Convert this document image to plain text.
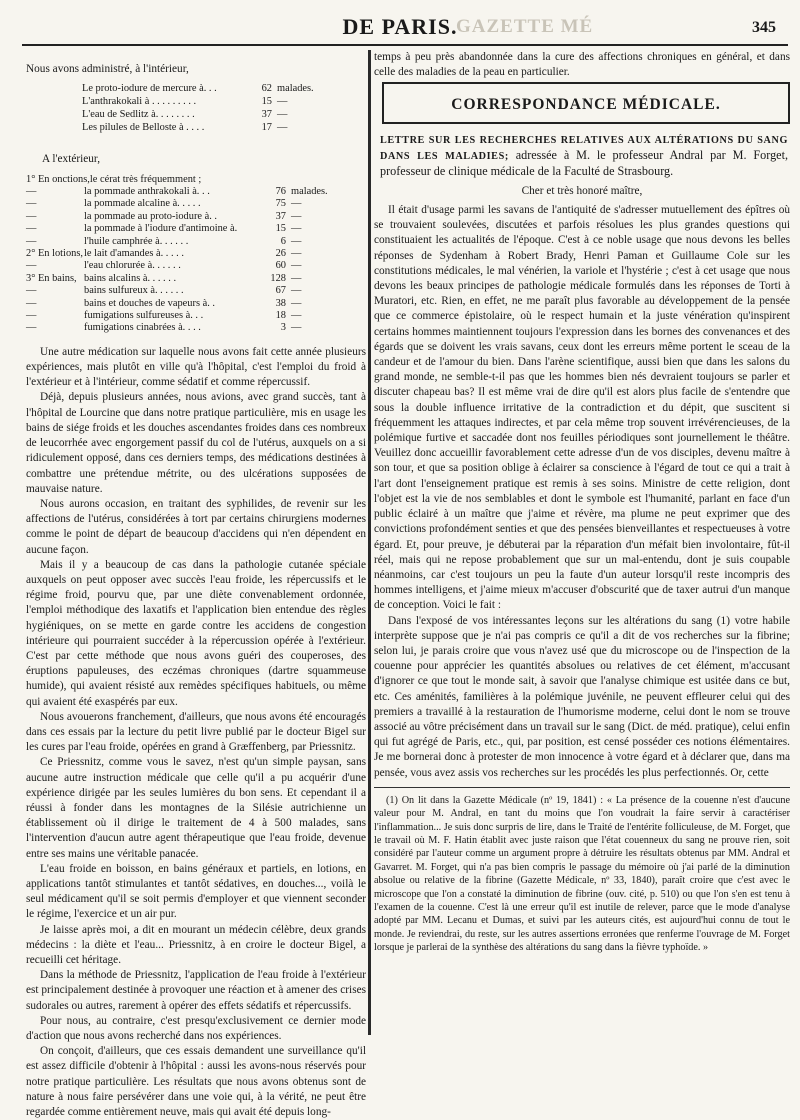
GAZETTE MÉ
DE PARIS.	345

Nous avons administré, à l'intérieur,

Le proto-iodure de mercure à. . .	62 malades.
L'anthrakokali à . . . . . . . . .	15 —
L'eau de Sedlitz à. . . . . . . .	37 —
Les pilules de Belloste à . . . .	17 —
A l'extérieur,
1° En onctions, le cérat très fréquemment ;
—	la pommade anthrakokali à. . .	76 malades.
—	la pommade alcaline à. . . . .	75 —
—	la pommade au proto-iodure à. .	37 —
—	la pommade à l'iodure d'antimoine à.	15 —
—	l'huile camphrée à. . . . . .	6 —
2° En lotions, le lait d'amandes à. . . . .	26 —
—	l'eau chlorurée à. . . . . .	60 —
3° En bains, bains alcalins à. . . . . .	128 —
—	bains sulfureux à. . . . . .	67 —
—	bains et douches de vapeurs à. .	38 —
—	fumigations sulfureuses à. . .	18 —
—	fumigations cinabrées à. . . .	3 —

Une autre médication sur laquelle nous avons fait cette année plusieurs expériences, mais plutôt en ville qu'à l'hôpital, c'est l'emploi du froid à l'extérieur et à l'intérieur, comme sédatif et comme répercussif.

Déjà, depuis plusieurs années, nous avions, avec grand succès, tant à l'hôpital de Lourcine que dans notre pratique particulière, mis en usage les bains de siége froids et les douches ascendantes froides dans ces nombreux de leucorrhée avec engorgement passif du col de l'utérus, auxquels on a si ridiculement opposé, dans ces derniers temps, des médications destinées à combattre une prétendue métrite, ou des ulcérations supposées de mauvaise nature.

Nous aurons occasion, en traitant des syphilides, de revenir sur les affections de l'utérus, considérées à tort par certains chirurgiens modernes comme le point de départ de beaucoup d'accidens qui n'en dépendent en aucune façon.

Mais il y a beaucoup de cas dans la pathologie cutanée spéciale auxquels on peut opposer avec succès l'eau froide, les répercussifs et le régime froid, pourvu que, par une diète convenablement ordonnée, l'emploi méthodique des laxatifs et l'application bien entendue des règles hygiéniques, on se mette en garde contre les accidens de congestion intérieure qui pourraient succéder à la répercussion opérée à l'extérieur. C'est par cette méthode que nous avons guéri des couperoses, des éruptions papuleuses, des eczémas chroniques (dartre squammeuse humide), qui avaient résisté aux remèdes spécifiques habituels, ou même qui avaient été exaspérés par eux.

Nous avouerons franchement, d'ailleurs, que nous avons été encouragés dans ces essais par la lecture du petit livre publié par le docteur Bigel sur les cures par l'eau froide, opérées en grand à Græffenberg, par Priessnitz.

Ce Priessnitz, comme vous le savez, n'est qu'un simple paysan, sans aucune autre instruction médicale que celle qu'il a pu acquérir d'une expérience dirigée par les seules lumières du bon sens. Et cependant il a réussi à fonder dans les montagnes de la Silésie autrichienne un établissement où il dirige le traitement de 4 à 500 malades, sans l'intervention d'aucun autre agent thérapeutique que l'eau froide, devenue entre ses mains une véritable panacée.

L'eau froide en boisson, en bains généraux et partiels, en lotions, en applications tantôt stimulantes et tantôt sédatives, en douches..., voilà le seul médicament qu'il se soit permis d'employer et que viennent seconder le régime, l'exercice et un air pur.

Je laisse après moi, a dit en mourant un médecin célèbre, deux grands médecins : la diète et l'eau... Priessnitz, à en croire le docteur Bigel, a recueilli cet héritage.

Dans la méthode de Priessnitz, l'application de l'eau froide à l'extérieur est principalement destinée à provoquer une réaction et à amener des crises sudorales ou autres, rarement à opérer des effets sédatifs et répercussifs.

Pour nous, au contraire, c'est presqu'exclusivement ce dernier mode d'action que nous avons recherché dans nos expériences.

On conçoit, d'ailleurs, que ces essais demandent une surveillance qu'il est assez difficile d'obtenir à l'hôpital : aussi les avons-nous réservés pour notre pratique particulière. Les résultats que nous avons obtenus sont de nature à nous faire persévérer dans une voie qui, à la vérité, ne peut être regardée comme entièrement neuve, mais qui avait été depuis long-

temps à peu près abandonnée dans la cure des affections chroniques en général, et dans celle des maladies de la peau en particulier.

CORRESPONDANCE MÉDICALE.
LETTRE SUR LES RECHERCHES RELATIVES AUX ALTÉRATIONS DU SANG DANS LES MALADIES; adressée à M. le professeur Andral par M. Forget, professeur de clinique médicale de la Faculté de Strasbourg.
Cher et très honoré maître,

Il était d'usage parmi les savans de l'antiquité de s'adresser mutuellement des épîtres où se trouvaient soulevées, discutées et parfois résolues les plus grandes questions qui constituaient les actualités de l'époque. C'est à ce noble usage que nous devons les belles réponses de Sydenham à Robert Brady, Henri Paman et Guillaume Cole sur les constitutions médicales, le mal vénérien, la variole et l'hystérie ; c'est à cet usage que nous devons les beaux principes de pathologie médicale formulés dans les réponses de Torti à Muratori, etc. Rien, en effet, ne me paraît plus favorable au développement de la pensée que ce commerce épistolaire, où le respect humain et la juste vénération qu'inspirent certains hommes maintiennent toujours l'expression dans les bornes des convenances et des égards que se doivent les vrais savans, ceux dont les erreurs même portent le sceau de la candeur et de l'amour du bien. Dans l'arène scientifique, aussi bien que dans les salons du grand monde, ne semble-t-il pas que les hommes bien nés devraient toujours se parler et discuter chapeau bas? Il est même vrai de dire qu'il est alors plus facile de s'entendre que sous la double influence irritative de la contradiction et du dépit, que suscitent si fréquemment les attaques indirectes, et par cela même trop souvent irrévérencieuses, de la polémique furtive et saccadée dont nos feuilles périodiques sont journellement le théâtre. Veuillez donc accueillir favorablement cette adresse d'un de vos disciples, devenu maître à son tour, et que sa position oblige à éclairer sa conscience à l'égard de tout ce qui a trait à l'art dont l'enseignement pratique est remis à ses soins. Ministre de cette religion, dont l'objet est la vie de nos semblables et dont le symbole est l'humanité, parlant en face d'un public éclairé à un maître que j'aime et révère, ma plume ne peut exprimer que des convictions profondément senties et que des pensées bienveillantes et respectueuses à votre égard. Et, pour preuve, je débuterai par la réparation d'un méfait bien involontaire, fût-il réel, mais qui ne repose probablement que sur un mal-entendu, dont je suis coupable néanmoins, car c'est toujours un peu la faute d'un auteur lorsqu'il reste incompris des hommes intelligens, et j'aime mieux m'accuser d'obscurité que de taxer autrui d'un manque de conception. Voici le fait :

Dans l'exposé de vos intéressantes leçons sur les altérations du sang (1) votre habile interprète suppose que je n'ai pas compris ce qu'il a dit de vos recherches sur la fibrine; selon lui, je parais croire que vous n'avez usé que du microscope ou de l'inspection de la couenne pour apprécier les quantités absolues ou relatives de cet élément, m'accusant d'ignorer ce que tout le monde sait, à savoir que l'analyse chimique est usitée dans ce but, etc. Ces aménités, familières à la polémique juvénile, ne peuvent effleurer celui qui des premiers a travaillé à la restauration de l'humorisme moderne, celui dont le nom se trouve associé au vôtre précisément dans un travail sur le sang (Dict. de méd. pratique), celui enfin qui fut agrégé de Paris, etc., qui, par position, est censé posséder ces notions élémentaires. Je me bornerai donc à protester de mon innocence à votre égard et à déclarer que, dans ma pensée, vous avez assis vos recherches sur les procédés les plus perfectionnés. Or, cette

(1) On lit dans la Gazette Médicale (nº 19, 1841) : « La présence de la couenne n'est d'aucune valeur pour M. Andral, en tant du moins que l'on voudrait la faire servir à caractériser l'inflammation... Je suis donc surpris de lire, dans le Traité de l'entérite folliculeuse, de M. Forget, que le travail où M. F. Hatin établit avec juste raison que l'état couenneux du sang ne prouve rien, soit considéré par l'auteur comme un argument propre à détruire les résultats obtenus par MM. Andral et Gavarret. M. Forget, qui n'a pas bien compris le passage du mémoire où j'ai parlé de la diminution absolue ou relative de la fibrine (Gazette Médicale, nº 33, 1840), paraît croire que c'est avec le microscope que l'on a constaté la diminution de fibrine (ouv. cité, p. 510) ou que l'on s'en est tenu à l'examen de la couenne. C'est là une erreur qu'il est inutile de relever, parce que le mode d'analyse adopté par MM. Lecanu et Dumas, et suivi par les auteurs cités, est aujourd'hui connu de tout le monde. Je reviendrai, du reste, sur les autres assertions erronées que renferme l'ouvrage de M. Forget lorsque je parlerai de la synthèse des altérations du sang dans la fièvre typhoïde. »
